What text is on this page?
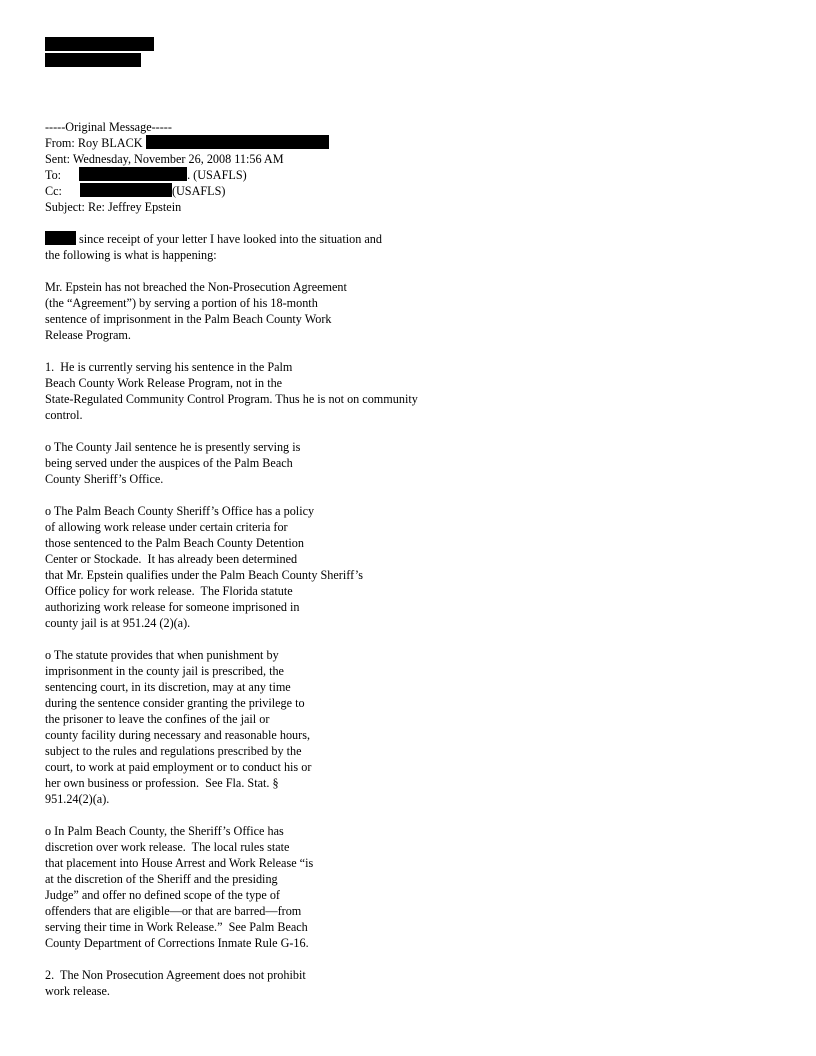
-----Original Message-----
From: Roy BLACK
Sent: Wednesday, November 26, 2008 11:56 AM
To:	. (USAFLS)
Cc:	(USAFLS)
Subject: Re: Jeffrey Epstein
since receipt of your letter I have looked into the situation and
the following is what is happening:
Mr. Epstein has not breached the Non-Prosecution Agreement
(the “Agreement”) by serving a portion of his 18-month
sentence of imprisonment in the Palm Beach County Work
Release Program.
1.  He is currently serving his sentence in the Palm
Beach County Work Release Program, not in the
State-Regulated Community Control Program. Thus he is not on community
control.
o The County Jail sentence he is presently serving is
being served under the auspices of the Palm Beach
County Sheriff’s Office.
o The Palm Beach County Sheriff’s Office has a policy
of allowing work release under certain criteria for
those sentenced to the Palm Beach County Detention
Center or Stockade.  It has already been determined
that Mr. Epstein qualifies under the Palm Beach County Sheriff’s
Office policy for work release.  The Florida statute
authorizing work release for someone imprisoned in
county jail is at 951.24 (2)(a).
o The statute provides that when punishment by
imprisonment in the county jail is prescribed, the
sentencing court, in its discretion, may at any time
during the sentence consider granting the privilege to
the prisoner to leave the confines of the jail or
county facility during necessary and reasonable hours,
subject to the rules and regulations prescribed by the
court, to work at paid employment or to conduct his or
her own business or profession.  See Fla. Stat. §
951.24(2)(a).
o In Palm Beach County, the Sheriff’s Office has
discretion over work release.  The local rules state
that placement into House Arrest and Work Release “is
at the discretion of the Sheriff and the presiding
Judge” and offer no defined scope of the type of
offenders that are eligible—or that are barred—from
serving their time in Work Release.”  See Palm Beach
County Department of Corrections Inmate Rule G-16.
2.  The Non Prosecution Agreement does not prohibit
work release.
